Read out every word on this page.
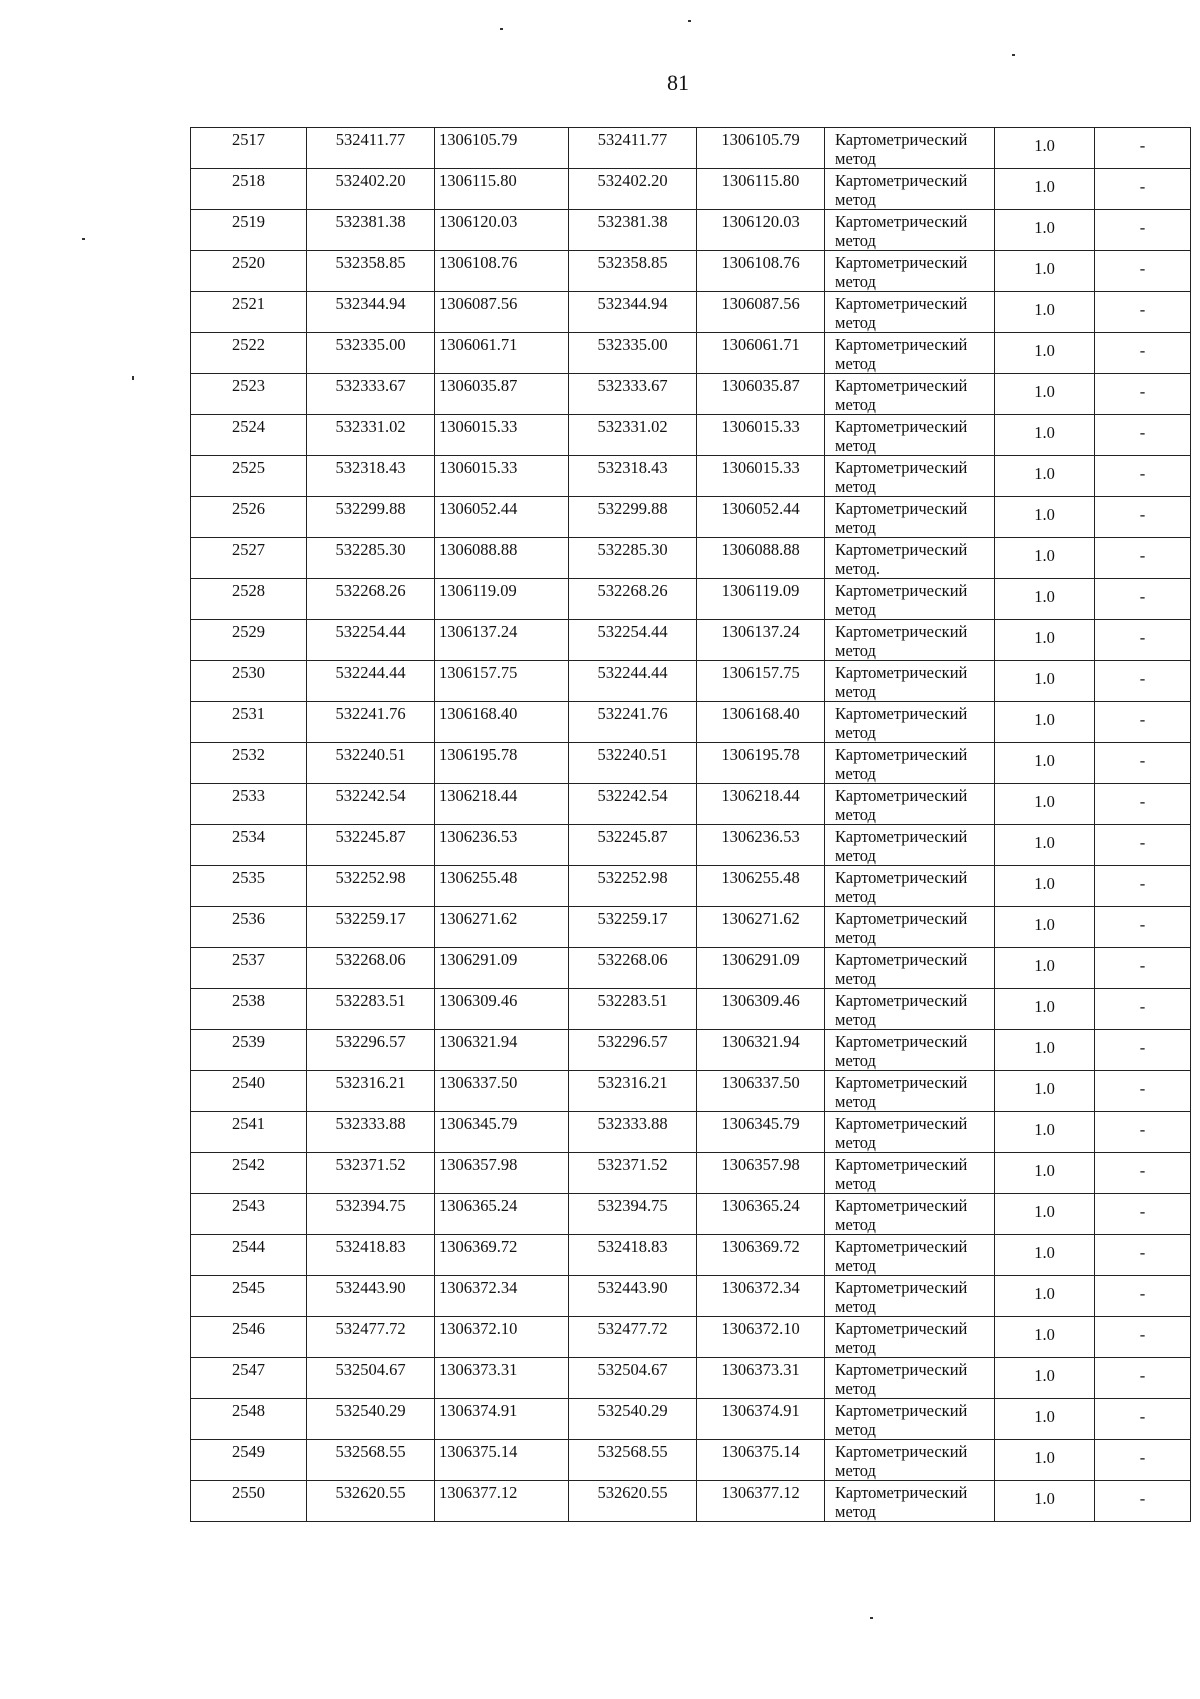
81
2517	532411.77	1306105.79	532411.77	1306105.79	Картометрический метод	1.0	-
2518	532402.20	1306115.80	532402.20	1306115.80	Картометрический метод	1.0	-
2519	532381.38	1306120.03	532381.38	1306120.03	Картометрический метод	1.0	-
2520	532358.85	1306108.76	532358.85	1306108.76	Картометрический метод	1.0	-
2521	532344.94	1306087.56	532344.94	1306087.56	Картометрический метод	1.0	-
2522	532335.00	1306061.71	532335.00	1306061.71	Картометрический метод	1.0	-
2523	532333.67	1306035.87	532333.67	1306035.87	Картометрический метод	1.0	-
2524	532331.02	1306015.33	532331.02	1306015.33	Картометрический метод	1.0	-
2525	532318.43	1306015.33	532318.43	1306015.33	Картометрический метод	1.0	-
2526	532299.88	1306052.44	532299.88	1306052.44	Картометрический метод	1.0	-
2527	532285.30	1306088.88	532285.30	1306088.88	Картометрический метод.	1.0	-
2528	532268.26	1306119.09	532268.26	1306119.09	Картометрический метод	1.0	-
2529	532254.44	1306137.24	532254.44	1306137.24	Картометрический метод	1.0	-
2530	532244.44	1306157.75	532244.44	1306157.75	Картометрический метод	1.0	-
2531	532241.76	1306168.40	532241.76	1306168.40	Картометрический метод	1.0	-
2532	532240.51	1306195.78	532240.51	1306195.78	Картометрический метод	1.0	-
2533	532242.54	1306218.44	532242.54	1306218.44	Картометрический метод	1.0	-
2534	532245.87	1306236.53	532245.87	1306236.53	Картометрический метод	1.0	-
2535	532252.98	1306255.48	532252.98	1306255.48	Картометрический метод	1.0	-
2536	532259.17	1306271.62	532259.17	1306271.62	Картометрический метод	1.0	-
2537	532268.06	1306291.09	532268.06	1306291.09	Картометрический метод	1.0	-
2538	532283.51	1306309.46	532283.51	1306309.46	Картометрический метод	1.0	-
2539	532296.57	1306321.94	532296.57	1306321.94	Картометрический метод	1.0	-
2540	532316.21	1306337.50	532316.21	1306337.50	Картометрический метод	1.0	-
2541	532333.88	1306345.79	532333.88	1306345.79	Картометрический метод	1.0	-
2542	532371.52	1306357.98	532371.52	1306357.98	Картометрический метод	1.0	-
2543	532394.75	1306365.24	532394.75	1306365.24	Картометрический метод	1.0	-
2544	532418.83	1306369.72	532418.83	1306369.72	Картометрический метод	1.0	-
2545	532443.90	1306372.34	532443.90	1306372.34	Картометрический метод	1.0	-
2546	532477.72	1306372.10	532477.72	1306372.10	Картометрический метод	1.0	-
2547	532504.67	1306373.31	532504.67	1306373.31	Картометрический метод	1.0	-
2548	532540.29	1306374.91	532540.29	1306374.91	Картометрический метод	1.0	-
2549	532568.55	1306375.14	532568.55	1306375.14	Картометрический метод	1.0	-
2550	532620.55	1306377.12	532620.55	1306377.12	Картометрический метод	1.0	-
